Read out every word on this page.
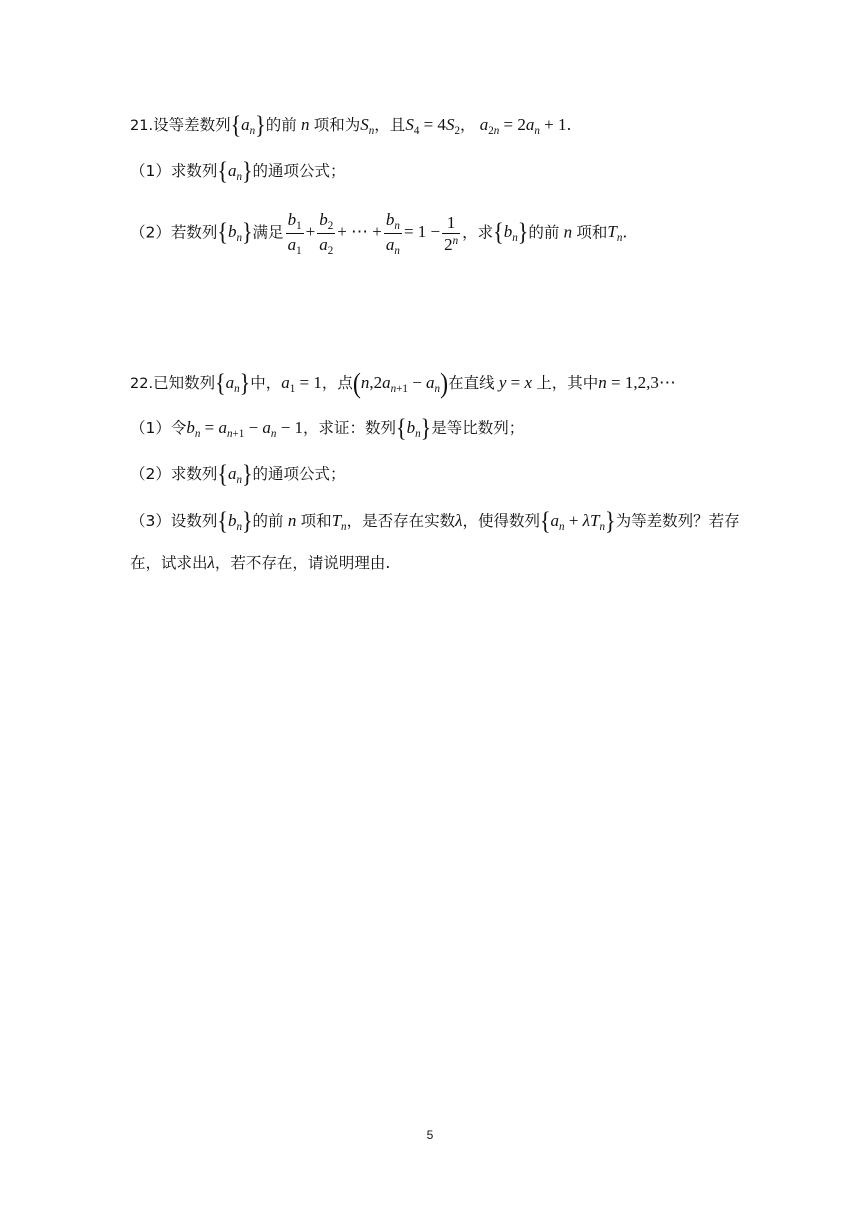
21.设等差数列$\{a_n\}$的前 n 项和为$S_n$，且$S_4 = 4S_2$， $a_{2n} = 2a_n + 1$.
（1）求数列$\{a_n\}$的通项公式；
（2）若数列$\{b_n\}$满足 $\frac{b_1}{a_1} + \frac{b_2}{a_2}$ + ⋯ + $\frac{b_n}{a_n} = 1 - \frac{1}{2^n}$ ，求$\{b_n\}$的前 n 项和$T_n$.
22.已知数列$\{a_n\}$中，$a_1 = 1$，点$(n,2a_{n+1} - a_n)$在直线 y = x 上，其中n = 1,2,3⋯
（1）令$b_n = a_{n+1} - a_n - 1$，求证：数列$\{b_n\}$是等比数列；
（2）求数列$\{a_n\}$的通项公式；
（3）设数列$\{b_n\}$的前 n 项和$T_n$，是否存在实数λ，使得数列$\{a_n + \lambda T_n\}$为等差数列？若存
在，试求出λ，若不存在，请说明理由.
5
